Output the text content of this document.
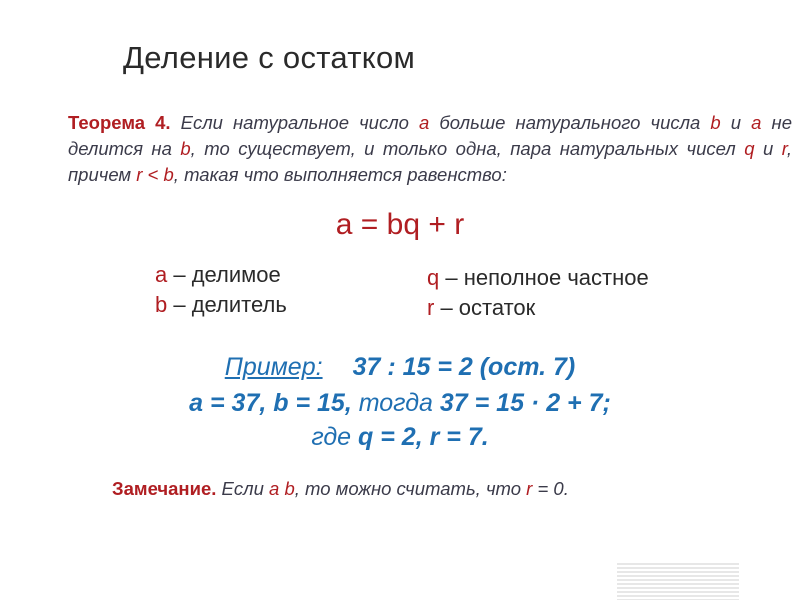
Деление с остатком
Теорема 4. Если натуральное число a больше натурального числа b и a не делится на b, то существует, и только одна, пара натуральных чисел q и r, причем r < b, такая что выполняется равенство:
a = bq + r
a – делимое
b – делитель
q – неполное частное
r – остаток
Пример: 37 : 15 = 2 (ост. 7)
a = 37, b = 15, тогда 37 = 15 · 2 + 7;
где q = 2, r = 7.
Замечание. Если a b, то можно считать, что r = 0.
